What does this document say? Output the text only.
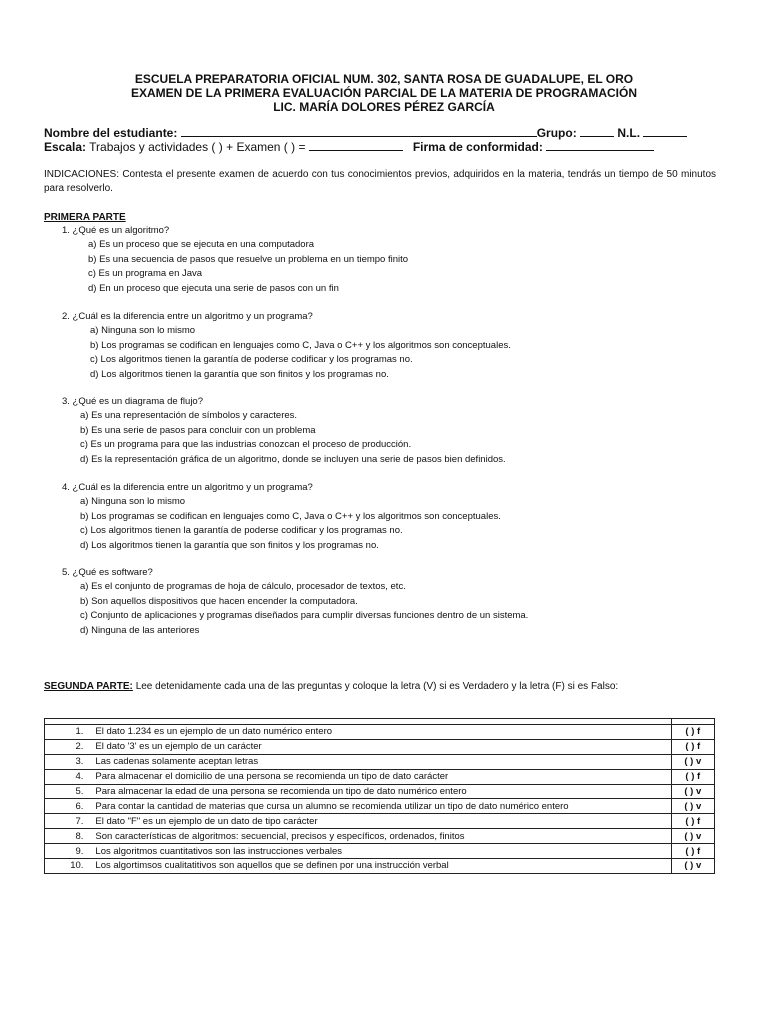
ESCUELA PREPARATORIA OFICIAL NUM. 302, SANTA ROSA DE GUADALUPE, EL ORO
EXAMEN DE LA PRIMERA EVALUACIÓN PARCIAL DE LA MATERIA DE PROGRAMACIÓN
LIC. MARÍA DOLORES PÉREZ GARCÍA
Nombre del estudiante:	Grupo:	N.L.
Escala: Trabajos y actividades ( ) + Examen ( ) =	Firma de conformidad:
INDICACIONES: Contesta el presente examen de acuerdo con tus conocimientos previos, adquiridos en la materia, tendrás un tiempo de 50 minutos para resolverlo.
PRIMERA PARTE
1. ¿Qué es un algoritmo?
a) Es un proceso que se ejecuta en una computadora
b) Es una secuencia de pasos que resuelve un problema en un tiempo finito
c) Es un programa en Java
d) En un proceso que ejecuta una serie de pasos con un fin
2. ¿Cuál es la diferencia entre un algoritmo y un programa?
a) Ninguna son lo mismo
b) Los programas se codifican en lenguajes como C, Java o C++ y los algoritmos son conceptuales.
c) Los algoritmos tienen la garantía de poderse codificar y los programas no.
d) Los algoritmos tienen la garantía que son finitos y los programas no.
3. ¿Qué es un diagrama de flujo?
a) Es una representación de símbolos y caracteres.
b) Es una serie de pasos para concluir con un problema
c) Es un programa para que las industrias conozcan el proceso de producción.
d) Es la representación gráfica de un algoritmo, donde se incluyen una serie de pasos bien definidos.
4. ¿Cuál es la diferencia entre un algoritmo y un programa?
a) Ninguna son lo mismo
b) Los programas se codifican en lenguajes como C, Java o C++ y los algoritmos son conceptuales.
c) Los algoritmos tienen la garantía de poderse codificar y los programas no.
d) Los algoritmos tienen la garantía que son finitos y los programas no.
5. ¿Qué es software?
a) Es el conjunto de programas de hoja de cálculo, procesador de textos, etc.
b) Son aquellos dispositivos que hacen encender la computadora.
c) Conjunto de aplicaciones y programas diseñados para cumplir diversas funciones dentro de un sistema.
d) Ninguna de las anteriores
SEGUNDA PARTE: Lee detenidamente cada una de las preguntas y coloque la letra (V) si es Verdadero y la letra (F) si es Falso:

1.	El dato 1.234 es un ejemplo de un dato numérico entero	( ) f
2.	El dato '3' es un ejemplo de un carácter	( ) f
3.	Las cadenas solamente aceptan letras	( ) v
4.	Para almacenar el domicilio de una persona se recomienda un tipo de dato carácter	( ) f
5.	Para almacenar la edad de una persona se recomienda un tipo de dato numérico entero	( ) v
6.	Para contar la cantidad de materias que cursa un alumno se recomienda utilizar un tipo de dato numérico entero	( ) v
7.	El dato "F" es un ejemplo de un dato de tipo carácter	( ) f
8.	Son características de algoritmos: secuencial, precisos y específicos, ordenados, finitos	( ) v
9.	Los algoritmos cuantitativos son las instrucciones verbales	( ) f
10.	Los algortimsos cualitatitivos son aquellos que se definen por una instrucción verbal	( ) v
